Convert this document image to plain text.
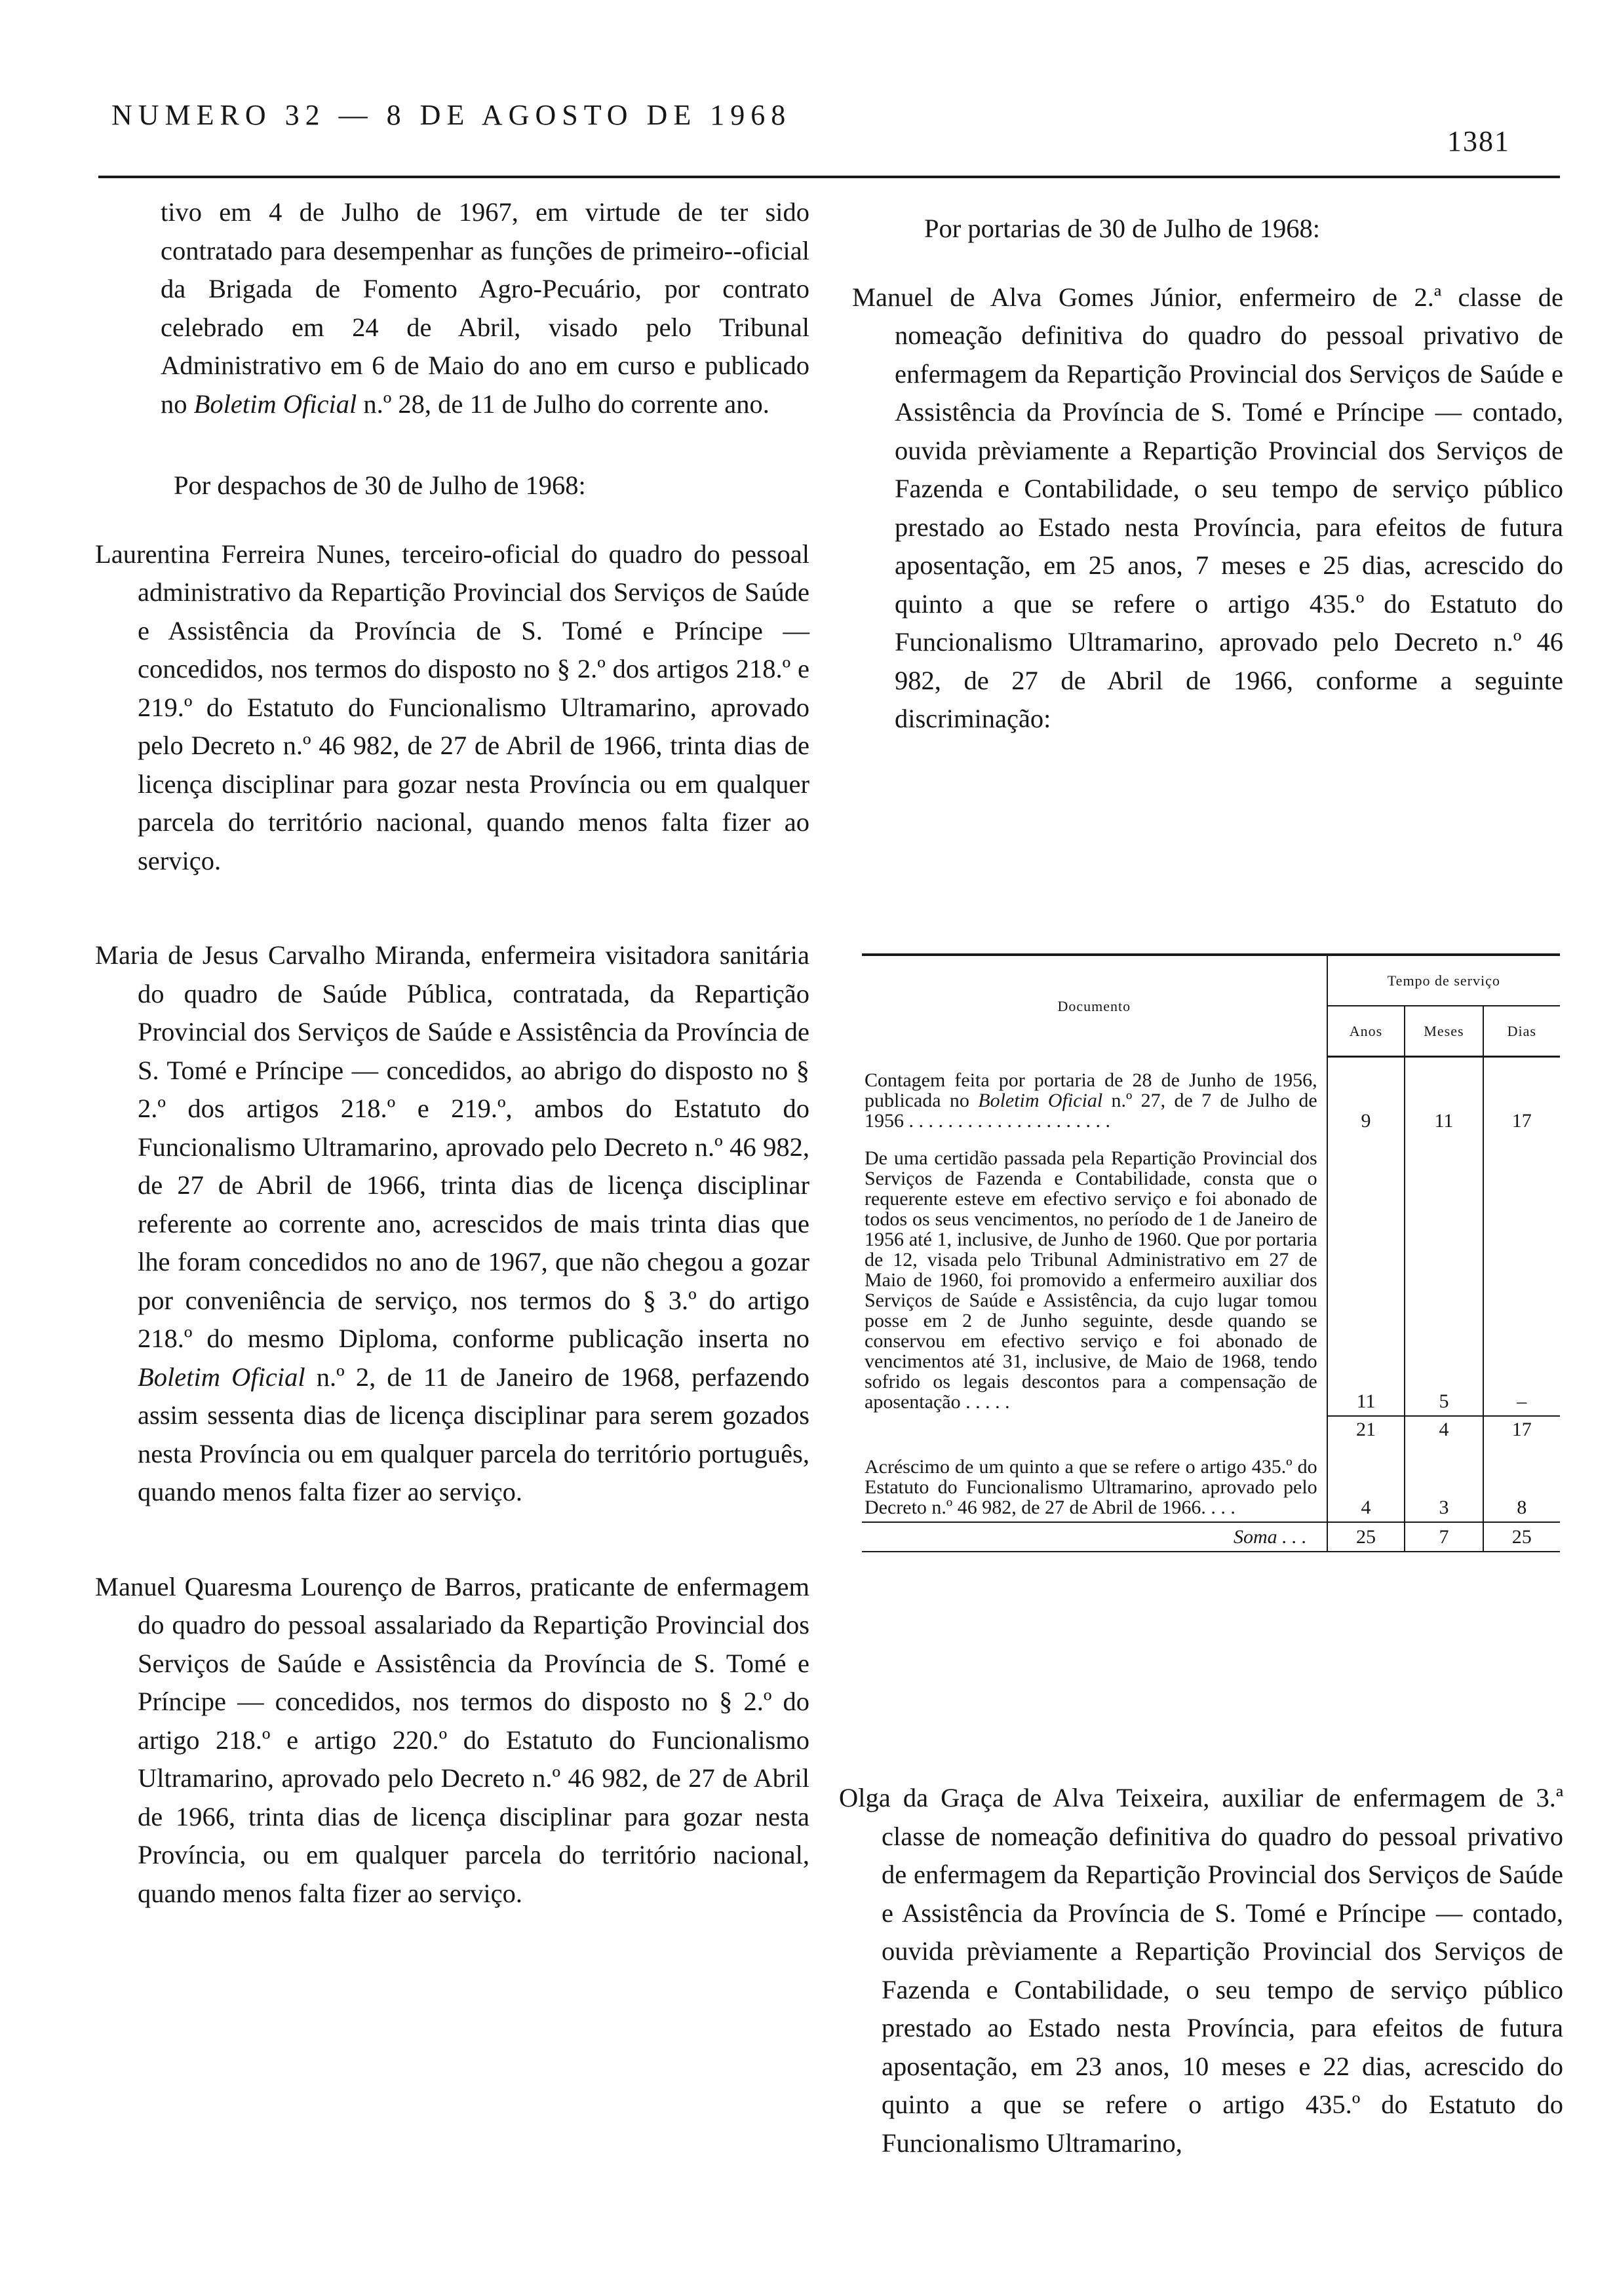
NUMERO 32 — 8 DE AGOSTO DE 1968
1381

tivo em 4 de Julho de 1967, em virtude de ter sido contratado para desempenhar as funções de primeiro--oficial da Brigada de Fomento Agro-Pecuário, por contrato celebrado em 24 de Abril, visado pelo Tribunal Administrativo em 6 de Maio do ano em curso e publicado no Boletim Oficial n.º 28, de 11 de Julho do corrente ano.

Por despachos de 30 de Julho de 1968:

Laurentina Ferreira Nunes, terceiro-oficial do quadro do pessoal administrativo da Repartição Provincial dos Serviços de Saúde e Assistência da Província de S. Tomé e Príncipe — concedidos, nos termos do disposto no § 2.º dos artigos 218.º e 219.º do Estatuto do Funcionalismo Ultramarino, aprovado pelo Decreto n.º 46 982, de 27 de Abril de 1966, trinta dias de licença disciplinar para gozar nesta Província ou em qualquer parcela do território nacional, quando menos falta fizer ao serviço.

Maria de Jesus Carvalho Miranda, enfermeira visitadora sanitária do quadro de Saúde Pública, contratada, da Repartição Provincial dos Serviços de Saúde e Assistência da Província de S. Tomé e Príncipe — concedidos, ao abrigo do disposto no § 2.º dos artigos 218.º e 219.º, ambos do Estatuto do Funcionalismo Ultramarino, aprovado pelo Decreto n.º 46 982, de 27 de Abril de 1966, trinta dias de licença disciplinar referente ao corrente ano, acrescidos de mais trinta dias que lhe foram concedidos no ano de 1967, que não chegou a gozar por conveniência de serviço, nos termos do § 3.º do artigo 218.º do mesmo Diploma, conforme publicação inserta no Boletim Oficial n.º 2, de 11 de Janeiro de 1968, perfazendo assim sessenta dias de licença disciplinar para serem gozados nesta Província ou em qualquer parcela do território português, quando menos falta fizer ao serviço.

Manuel Quaresma Lourenço de Barros, praticante de enfermagem do quadro do pessoal assalariado da Repartição Provincial dos Serviços de Saúde e Assistência da Província de S. Tomé e Príncipe — concedidos, nos termos do disposto no § 2.º do artigo 218.º e artigo 220.º do Estatuto do Funcionalismo Ultramarino, aprovado pelo Decreto n.º 46 982, de 27 de Abril de 1966, trinta dias de licença disciplinar para gozar nesta Província, ou em qualquer parcela do território nacional, quando menos falta fizer ao serviço.

Por portarias de 30 de Julho de 1968:

Manuel de Alva Gomes Júnior, enfermeiro de 2.ª classe de nomeação definitiva do quadro do pessoal privativo de enfermagem da Repartição Provincial dos Serviços de Saúde e Assistência da Província de S. Tomé e Príncipe — contado, ouvida prèviamente a Repartição Provincial dos Serviços de Fazenda e Contabilidade, o seu tempo de serviço público prestado ao Estado nesta Província, para efeitos de futura aposentação, em 25 anos, 7 meses e 25 dias, acrescido do quinto a que se refere o artigo 435.º do Estatuto do Funcionalismo Ultramarino, aprovado pelo Decreto n.º 46 982, de 27 de Abril de 1966, conforme a seguinte discriminação:

Documento	Tempo de serviço		
	Anos	Meses	Dias
Contagem feita por portaria de 28 de Junho de 1956, publicada no Boletim Oficial n.º 27, de 7 de Julho de 1956 . . . . . . . . . . . . . . . . . . . . .	9	11	17
De uma certidão passada pela Repartição Provincial dos Serviços de Fazenda e Contabilidade, consta que o requerente esteve em efectivo serviço e foi abonado de todos os seus vencimentos, no período de 1 de Janeiro de 1956 até 1, inclusive, de Junho de 1960. Que por portaria de 12, visada pelo Tribunal Administrativo em 27 de Maio de 1960, foi promovido a enfermeiro auxiliar dos Serviços de Saúde e Assistência, da cujo lugar tomou posse em 2 de Junho seguinte, desde quando se conservou em efectivo serviço e foi abonado de vencimentos até 31, inclusive, de Maio de 1968, tendo sofrido os legais descontos para a compensação de aposentação . . . . .	11	5	–
	21	4	17
Acréscimo de um quinto a que se refere o artigo 435.º do Estatuto do Funcionalismo Ultramarino, aprovado pelo Decreto n.º 46 982, de 27 de Abril de 1966. . . .	4	3	8
Soma . . .	25	7	25

Olga da Graça de Alva Teixeira, auxiliar de enfermagem de 3.ª classe de nomeação definitiva do quadro do pessoal privativo de enfermagem da Repartição Provincial dos Serviços de Saúde e Assistência da Província de S. Tomé e Príncipe — contado, ouvida prèviamente a Repartição Provincial dos Serviços de Fazenda e Contabilidade, o seu tempo de serviço público prestado ao Estado nesta Província, para efeitos de futura aposentação, em 23 anos, 10 meses e 22 dias, acrescido do quinto a que se refere o artigo 435.º do Estatuto do Funcionalismo Ultramarino,
